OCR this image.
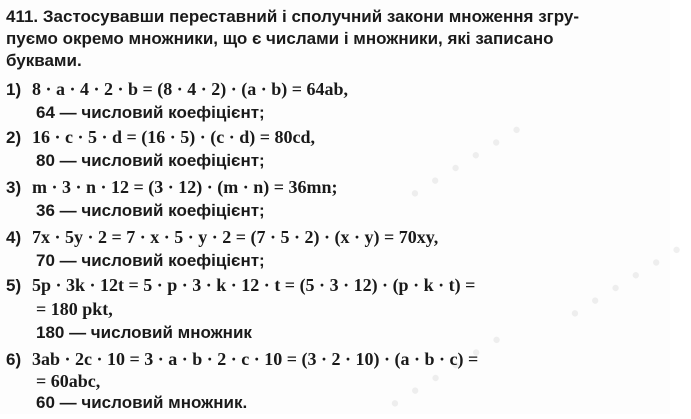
• • • • • •
• • • • • •
• • • • • •
411. Застосувавши переставний і сполучний закони множення згру-
пуємо окремо множники, що є числами і множники, які записано
буквами.
1) 8 · a · 4 · 2 · b = (8 · 4 · 2) · (a · b) = 64ab,
64 — числовий коефіцієнт;
2) 16 · c · 5 · d = (16 · 5) · (c · d) = 80cd,
80 — числовий коефіцієнт;
3) m · 3 · n · 12 = (3 · 12) · (m · n) = 36mn;
36 — числовий коефіцієнт;
4) 7x · 5y · 2 = 7 · x · 5 · y · 2 = (7 · 5 · 2) · (x · y) = 70xy,
70 — числовий коефіцієнт;
5) 5p · 3k · 12t = 5 · p · 3 · k · 12 · t = (5 · 3 · 12) · (p · k · t) =
= 180 pkt,
180 — числовий множник
6) 3ab · 2c · 10 = 3 · a · b · 2 · c · 10 = (3 · 2 · 10) · (a · b · c) =
= 60abc,
60 — числовий множник.
